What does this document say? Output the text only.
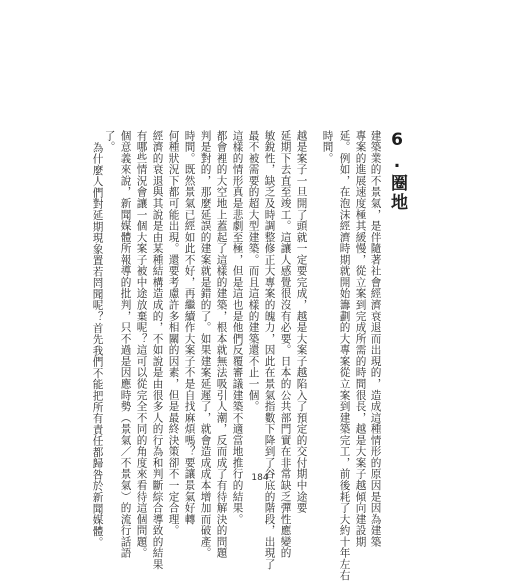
6.圈地
建築業的不景氣，是伴隨著社會經濟衰退而出現的，造成這種情形的原因是因為建築
專案的進展速度極其緩慢，從立案到完成所需的時間很長，越是大案子越傾向建設期
延。例如，在泡沫經濟時期就開始籌劃的大專案從立案到建築完工，前後耗了大約十年左右
時間。
越是案子一旦開了頭就一定要完成，越是大案子越陷入了預定的交付期中途要
延期下去直至竣工。這讓人感覺很沒有必要。日本的公共部門實在非常缺乏彈性應變的
敏銳性，缺乏及時調整修正大專案的魄力，因此在景氣指數下降到了谷底的階段，出現了
最不被需要的超大型建築。而且這樣的建築還不止一個。
這樣的情形真是悲劇至極，但是這也是他們反覆審議建築不適當地推行的結果。
都會裡的大空地上蓋起了這樣的建築，根本就無法吸引人潮，反而成了有待解決的問題
判是對的，那麼延誤的建案就是錯的了。如果建案延遲了，就會造成成本增加而破產。
時間。既然景氣已經如此不好，再繼續作大案子不是自找麻煩嗎？要讓景氣好轉
何種狀況下都可能出現。還要考慮許多相關的因素，但是最終決策卻不一定合理。
經濟的衰退與其說是由某種結構造成的，不如說是由很多人的行為和判斷綜合導致的結果
有哪些情況會讓一個大案子被中途放棄呢？這可以從完全不同的角度來看待這個問題。
個意義來說，新聞媒體所報導的批判，只不過是因應時勢（景氣／不景氣）的流行話語
了。
為什麼人們對延期現象置若罔聞呢？首先我們不能把所有責任都歸咎於新聞媒體。	184
